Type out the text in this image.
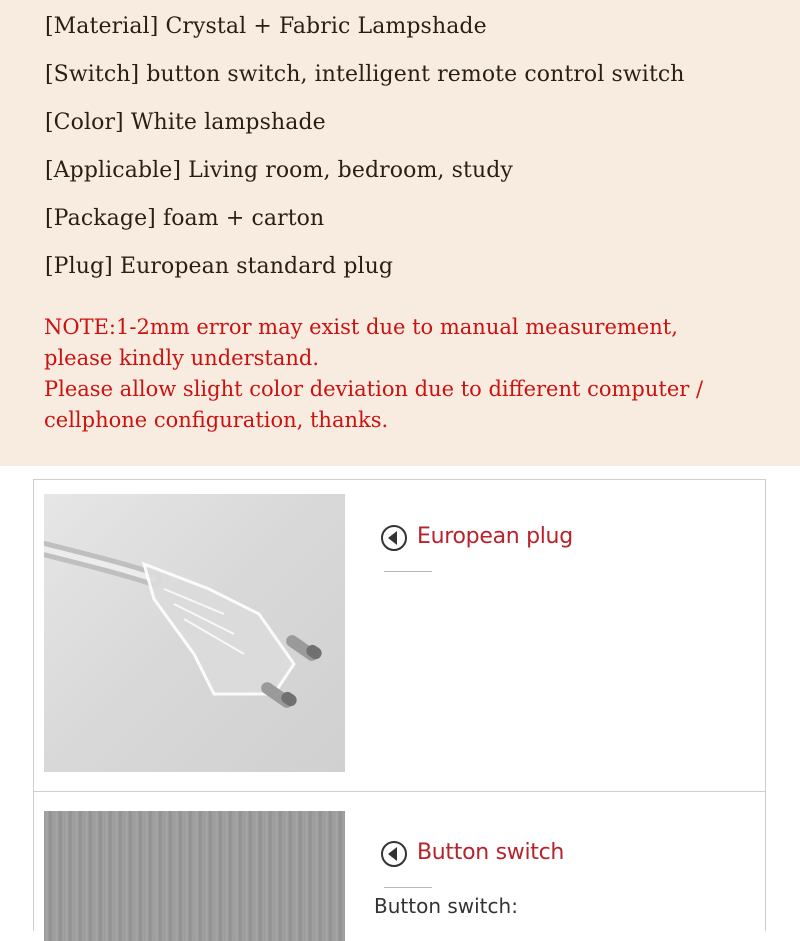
[Material] Crystal + Fabric Lampshade
[Switch] button switch, intelligent remote control switch
[Color] White lampshade
[Applicable] Living room, bedroom, study
[Package] foam + carton
[Plug] European standard plug
NOTE:1-2mm error may exist due to manual measurement,
please kindly understand.
Please allow slight color deviation due to different computer /
cellphone configuration, thanks.
European plug
Button switch
Button switch:
